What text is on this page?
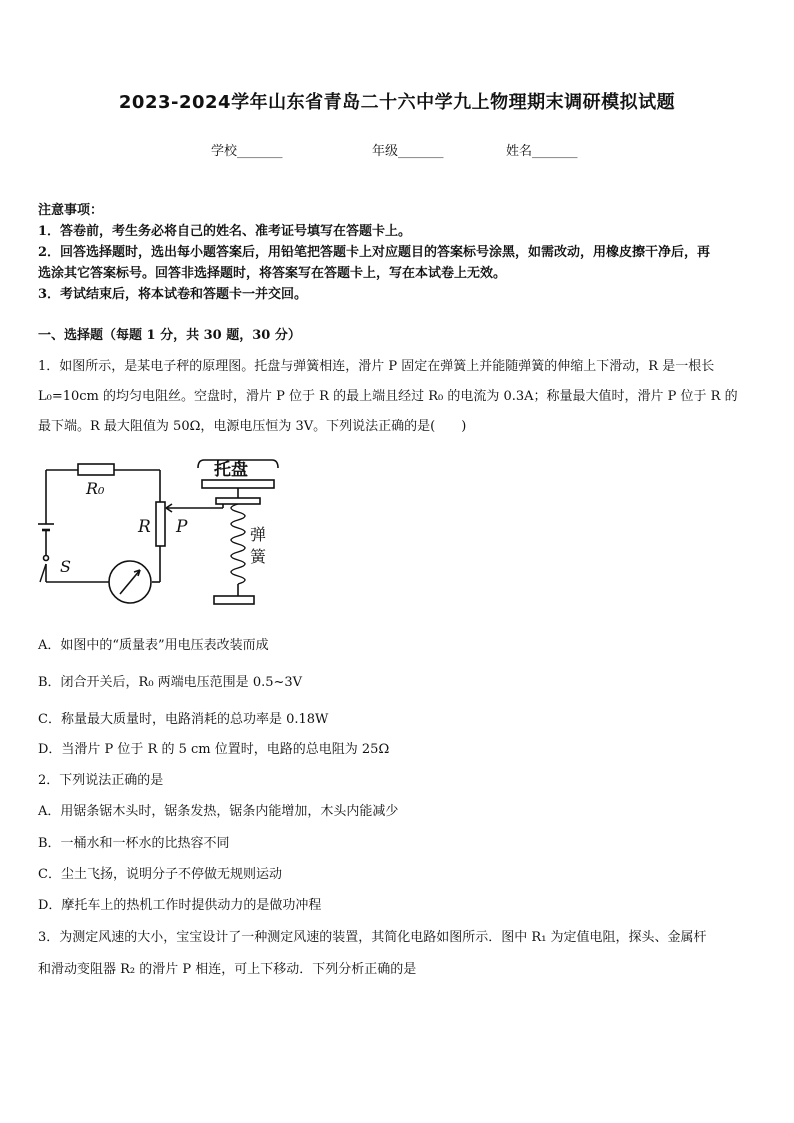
2023-2024学年山东省青岛二十六中学九上物理期末调研模拟试题
学校_______	年级_______	姓名_______
注意事项：
1．答卷前，考生务必将自己的姓名、准考证号填写在答题卡上。
2．回答选择题时，选出每小题答案后，用铅笔把答题卡上对应题目的答案标号涂黑，如需改动，用橡皮擦干净后，再
选涂其它答案标号。回答非选择题时，将答案写在答题卡上，写在本试卷上无效。
3．考试结束后，将本试卷和答题卡一并交回。
一、选择题（每题 1 分，共 30 题，30 分）
1．如图所示，是某电子秤的原理图。托盘与弹簧相连，滑片 P 固定在弹簧上并能随弹簧的伸缩上下滑动，R 是一根长
L₀=10cm 的均匀电阻丝。空盘时，滑片 P 位于 R 的最上端且经过 R₀ 的电流为 0.3A；称量最大值时，滑片 P 位于 R 的
最下端。R 最大阻值为 50Ω，电源电压恒为 3V。下列说法正确的是(　　)
托盘
弹
簧
R₀
R P
S
A．如图中的“质量表”用电压表改装而成
B．闭合开关后，R₀ 两端电压范围是 0.5~3V
C．称量最大质量时，电路消耗的总功率是 0.18W
D．当滑片 P 位于 R 的 5 cm 位置时，电路的总电阻为 25Ω
2．下列说法正确的是
A．用锯条锯木头时，锯条发热，锯条内能增加，木头内能减少
B．一桶水和一杯水的比热容不同
C．尘土飞扬，说明分子不停做无规则运动
D．摩托车上的热机工作时提供动力的是做功冲程
3．为测定风速的大小，宝宝设计了一种测定风速的装置，其简化电路如图所示．图中 R₁ 为定值电阻，探头、金属杆
和滑动变阻器 R₂ 的滑片 P 相连，可上下移动．下列分析正确的是
